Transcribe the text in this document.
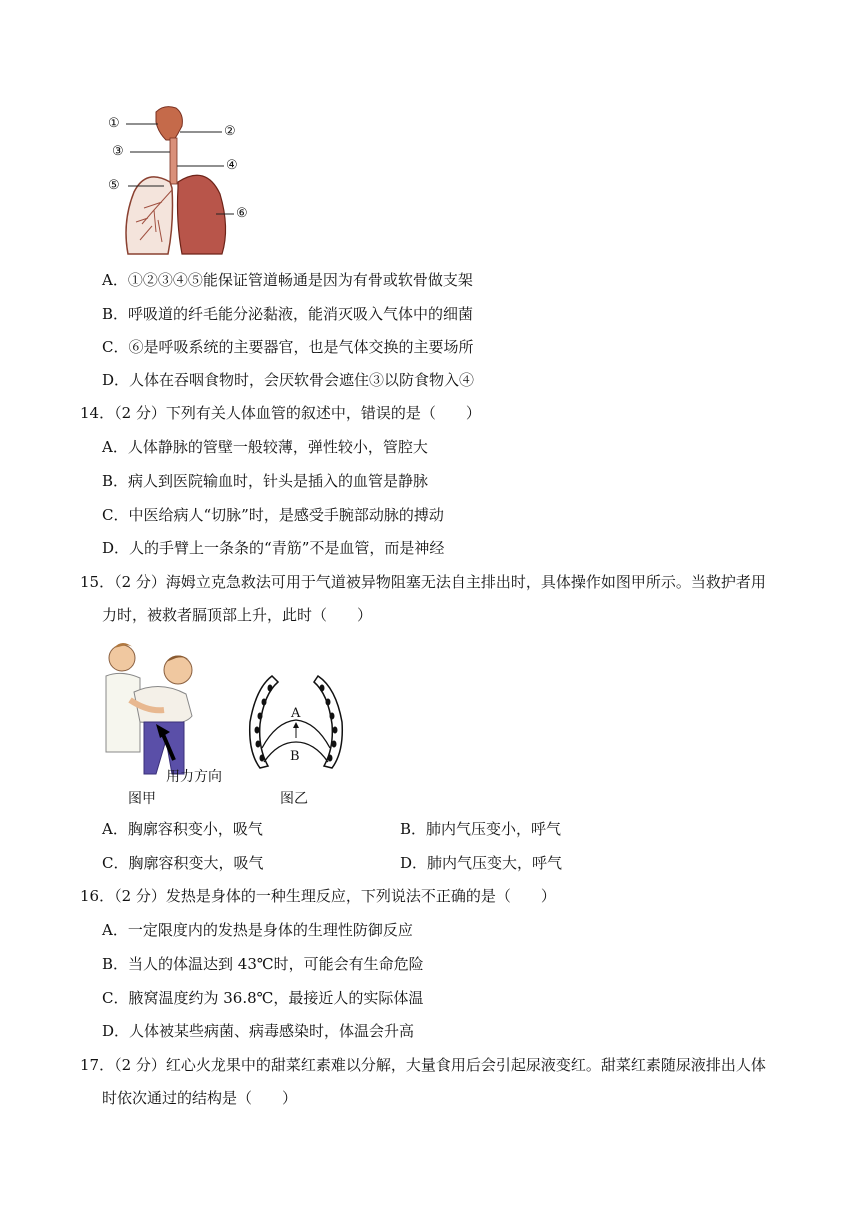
①
②
③
④
⑤
⑥
A．①②③④⑤能保证管道畅通是因为有骨或软骨做支架
B．呼吸道的纤毛能分泌黏液，能消灭吸入气体中的细菌
C．⑥是呼吸系统的主要器官，也是气体交换的主要场所
D．人体在吞咽食物时，会厌软骨会遮住③以防食物入④
14．（2 分）下列有关人体血管的叙述中，错误的是（　　）
A．人体静脉的管壁一般较薄，弹性较小，管腔大
B．病人到医院输血时，针头是插入的血管是静脉
C．中医给病人“切脉”时，是感受手腕部动脉的搏动
D．人的手臂上一条条的“青筋”不是血管，而是神经
15．（2 分）海姆立克急救法可用于气道被异物阻塞无法自主排出时，具体操作如图甲所示。当救护者用
力时，被救者膈顶部上升，此时（　　）
用力方向
图甲
A
B
图乙
A．胸廓容积变小，吸气	B．肺内气压变小，呼气
C．胸廓容积变大，吸气	D．肺内气压变大，呼气
16．（2 分）发热是身体的一种生理反应，下列说法不正确的是（　　）
A．一定限度内的发热是身体的生理性防御反应
B．当人的体温达到 43℃时，可能会有生命危险
C．腋窝温度约为 36.8℃，最接近人的实际体温
D．人体被某些病菌、病毒感染时，体温会升高
17．（2 分）红心火龙果中的甜菜红素难以分解，大量食用后会引起尿液变红。甜菜红素随尿液排出人体
时依次通过的结构是（　　）
